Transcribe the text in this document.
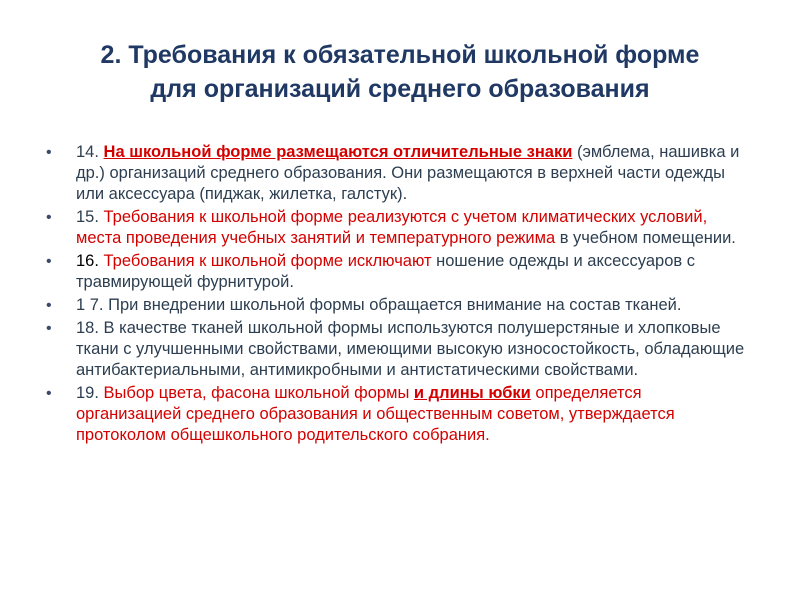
2. Требования к обязательной школьной форме
для организаций среднего образования
• 14. На школьной форме размещаются отличительные знаки (эмблема, нашивка и др.) организаций среднего образования. Они размещаются в верхней части одежды или аксессуара (пиджак, жилетка, галстук).
• 15. Требования к школьной форме реализуются с учетом климатических условий, места проведения учебных занятий и температурного режима в учебном помещении.
• 16. Требования к школьной форме исключают ношение одежды и аксессуаров с травмирующей фурнитурой.
• 1 7. При внедрении школьной формы обращается внимание на состав тканей.
• 18. В качестве тканей школьной формы используются полушерстяные и хлопковые ткани с улучшенными свойствами, имеющими высокую износостойкость, обладающие антибактериальными, антимикробными и антистатическими свойствами.
• 19. Выбор цвета, фасона школьной формы и длины юбки определяется организацией среднего образования и общественным советом, утверждается протоколом общешкольного родительского собрания.
